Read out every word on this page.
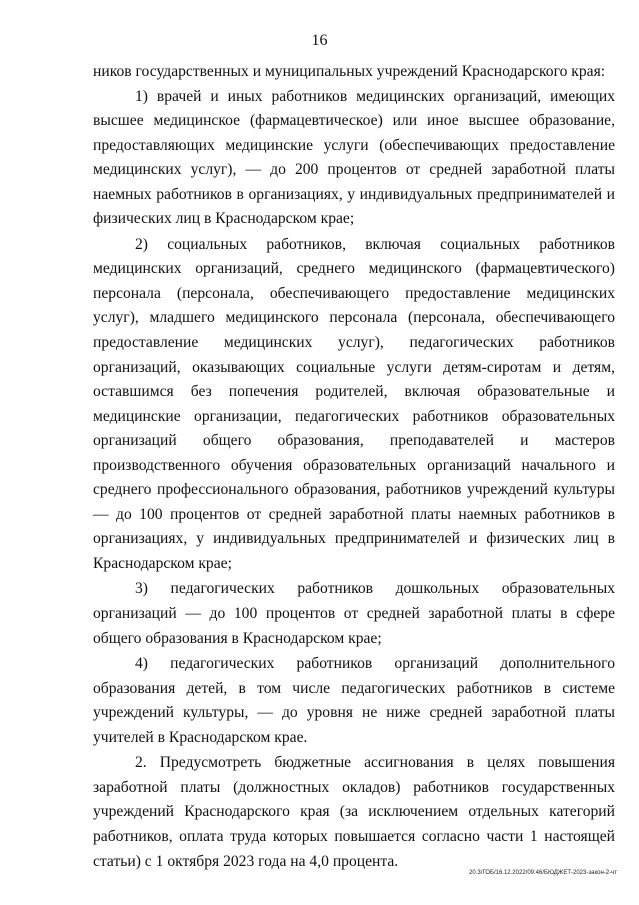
16

ников государственных и муниципальных учреждений Краснодарского края:

1) врачей и иных работников медицинских организаций, имеющих высшее медицинское (фармацевтическое) или иное высшее образование, предоставляющих медицинские услуги (обеспечивающих предоставление медицинских услуг), — до 200 процентов от средней заработной платы наемных работников в организациях, у индивидуальных предпринимателей и физических лиц в Краснодарском крае;

2) социальных работников, включая социальных работников медицинских организаций, среднего медицинского (фармацевтического) персонала (персонала, обеспечивающего предоставление медицинских услуг), младшего медицинского персонала (персонала, обеспечивающего предоставление медицинских услуг), педагогических работников организаций, оказывающих социальные услуги детям-сиротам и детям, оставшимся без попечения родителей, включая образовательные и медицинские организации, педагогических работников образовательных организаций общего образования, преподавателей и мастеров производственного обучения образовательных организаций начального и среднего профессионального образования, работников учреждений культуры — до 100 процентов от средней заработной платы наемных работников в организациях, у индивидуальных предпринимателей и физических лиц в Краснодарском крае;

3) педагогических работников дошкольных образовательных организаций — до 100 процентов от средней заработной платы в сфере общего образования в Краснодарском крае;

4) педагогических работников организаций дополнительного образования детей, в том числе педагогических работников в системе учреждений культуры, — до уровня не ниже средней заработной платы учителей в Краснодарском крае.

2. Предусмотреть бюджетные ассигнования в целях повышения заработной платы (должностных окладов) работников государственных учреждений Краснодарского края (за исключением отдельных категорий работников, оплата труда которых повышается согласно части 1 настоящей статьи) с 1 октября 2023 года на 4,0 процента.

20.3/ГОБ/16.12.2022/09:46/БЮДЖЕТ-2023-закон-2-чт
